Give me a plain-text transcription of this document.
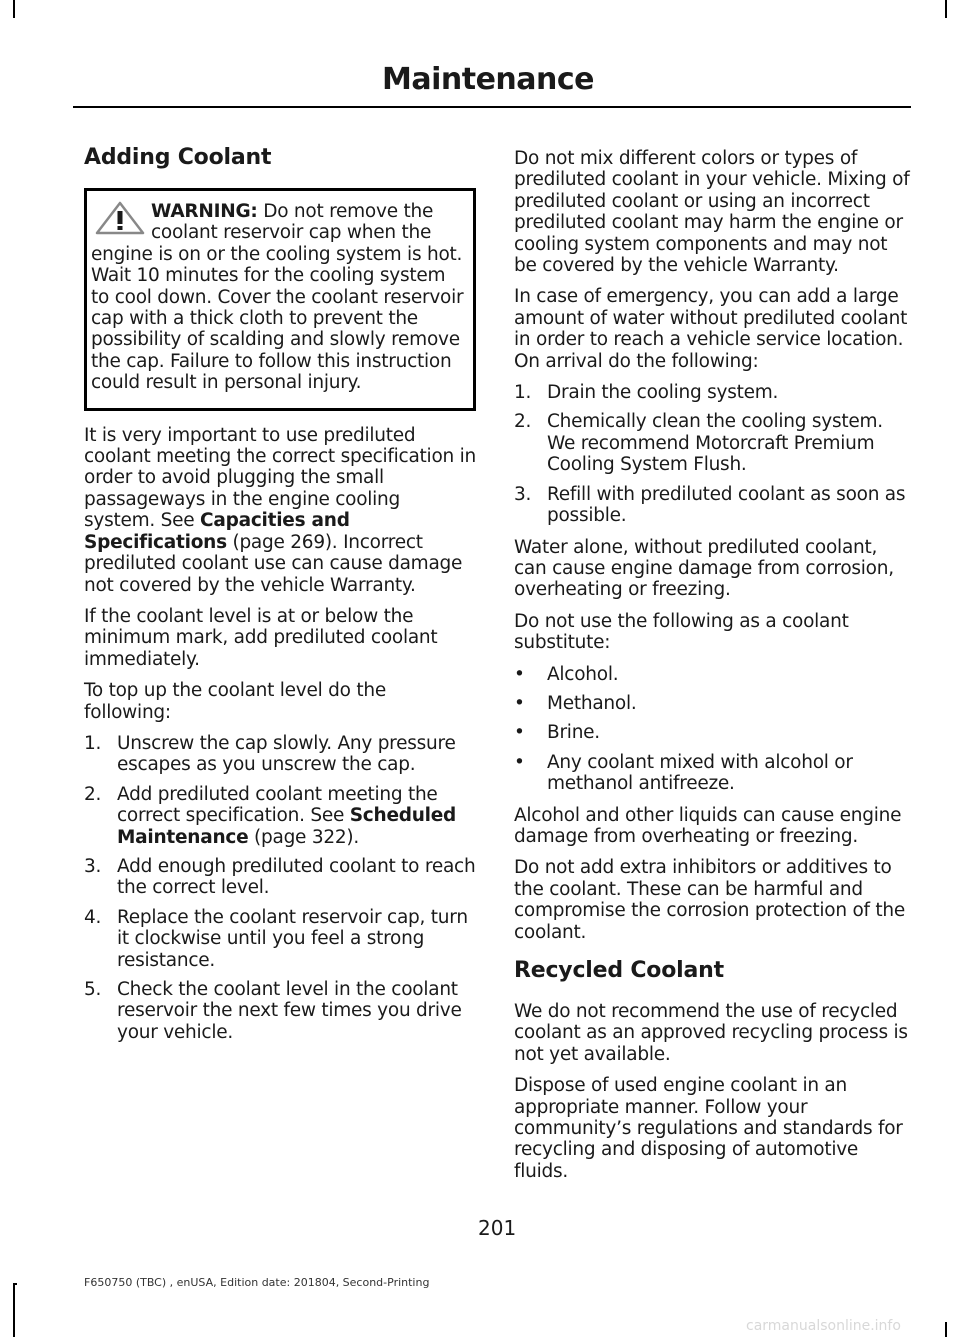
Maintenance
Adding Coolant
WARNING: Do not remove the coolant reservoir cap when the engine is on or the cooling system is hot. Wait 10 minutes for the cooling system to cool down. Cover the coolant reservoir cap with a thick cloth to prevent the possibility of scalding and slowly remove the cap. Failure to follow this instruction could result in personal injury.

It is very important to use prediluted coolant meeting the correct specification in order to avoid plugging the small passageways in the engine cooling system. See Capacities and Specifications (page 269). Incorrect prediluted coolant use can cause damage not covered by the vehicle Warranty.

If the coolant level is at or below the minimum mark, add prediluted coolant immediately.

To top up the coolant level do the following:

1. Unscrew the cap slowly. Any pressure escapes as you unscrew the cap.
2. Add prediluted coolant meeting the correct specification. See Scheduled Maintenance (page 322).
3. Add enough prediluted coolant to reach the correct level.
4. Replace the coolant reservoir cap, turn it clockwise until you feel a strong resistance.
5. Check the coolant level in the coolant reservoir the next few times you drive your vehicle.

Do not mix different colors or types of prediluted coolant in your vehicle. Mixing of prediluted coolant or using an incorrect prediluted coolant may harm the engine or cooling system components and may not be covered by the vehicle Warranty.

In case of emergency, you can add a large amount of water without prediluted coolant in order to reach a vehicle service location. On arrival do the following:

1. Drain the cooling system.
2. Chemically clean the cooling system. We recommend Motorcraft Premium Cooling System Flush.
3. Refill with prediluted coolant as soon as possible.

Water alone, without prediluted coolant, can cause engine damage from corrosion, overheating or freezing.

Do not use the following as a coolant substitute:

• Alcohol.
• Methanol.
• Brine.
• Any coolant mixed with alcohol or methanol antifreeze.

Alcohol and other liquids can cause engine damage from overheating or freezing.

Do not add extra inhibitors or additives to the coolant. These can be harmful and compromise the corrosion protection of the coolant.

Recycled Coolant

We do not recommend the use of recycled coolant as an approved recycling process is not yet available.

Dispose of used engine coolant in an appropriate manner. Follow your community’s regulations and standards for recycling and disposing of automotive fluids.

201
F650750 (TBC) , enUSA, Edition date: 201804, Second-Printing
carmanualsonline.info
